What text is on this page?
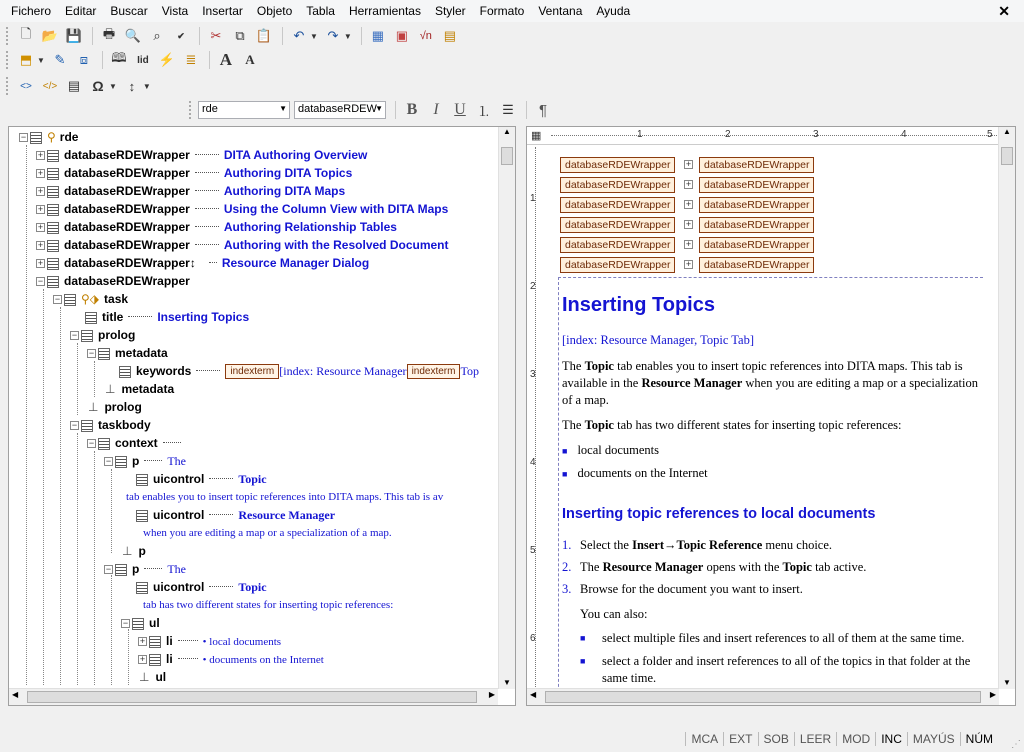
Fichero	Editar	Buscar	Vista	Insertar	Objeto	Tabla	Herramientas	Styler	Formato	Ventana	Ayuda	✕
🗋 📂 💾	🖶 🔍 ⌕	✔	✂	⧉ 📋	↶ ▼ ↷ ▼	▦ ▣	√n ▤
⬒ ▼ ✎	⧈	🕮	Iid ⚡ ≣	A	A
<>	</> ▤ Ω ▼ ↕ ▼
rde	▼	databaseRDEW
▼	B	I U ⒈ ☰	¶
− ⚲ rde
+ databaseRDEWrapper	DITA Authoring Overview
+ databaseRDEWrapper	Authoring DITA Topics
+ databaseRDEWrapper	Authoring DITA Maps
+ databaseRDEWrapper	Using the Column View with DITA Maps
+ databaseRDEWrapper	Authoring Relationship Tables
+ databaseRDEWrapper	Authoring with the Resolved Document
+ databaseRDEWrapper↕ Resource Manager Dialog
− databaseRDEWrapper
− ⚲⬗ task
title	Inserting Topics
− prolog
− metadata
keywords	indexterm [index: Resource Manager indexterm Top
⊥ metadata
⊥ prolog
− taskbody
− context
− p The
uicontrol	Topic
tab enables you to insert topic references into DITA maps. This tab is av
uicontrol	Resource Manager
when you are editing a map or a specialization of a map.
⊥ p
− p The
uicontrol	Topic
tab has two different states for inserting topic references:
− ul
+ li	• local documents
+ li	• documents on the Internet
⊥ ul
▲
▼
◀	▶
▦	1	2	3	4	5
1
2
3
4
5
6
databaseRDEWrapper	+	databaseRDEWrapper
databaseRDEWrapper	+	databaseRDEWrapper
databaseRDEWrapper	+	databaseRDEWrapper
databaseRDEWrapper	+	databaseRDEWrapper
databaseRDEWrapper	+	databaseRDEWrapper
databaseRDEWrapper	+	databaseRDEWrapper
Inserting Topics

[index: Resource Manager, Topic Tab]

The Topic tab enables you to insert topic references into DITA maps. This tab is available in the Resource Manager when you are editing a map or a specialization of a map.

The Topic tab has two different states for inserting topic references:

■ local documents
■ documents on the Internet
Inserting topic references to local documents
1. Select the Insert→Topic Reference menu choice.
2. The Resource Manager opens with the Topic tab active.
3. Browse for the document you want to insert.
You can also:
■	select multiple files and insert references to all of them at the same time.
■	select a folder and insert references to all of the topics in that folder at the same time.
▲
▼
◀	▶
MCA EXT SOB LEER MOD INC MAYÚS NÚM	⋰
